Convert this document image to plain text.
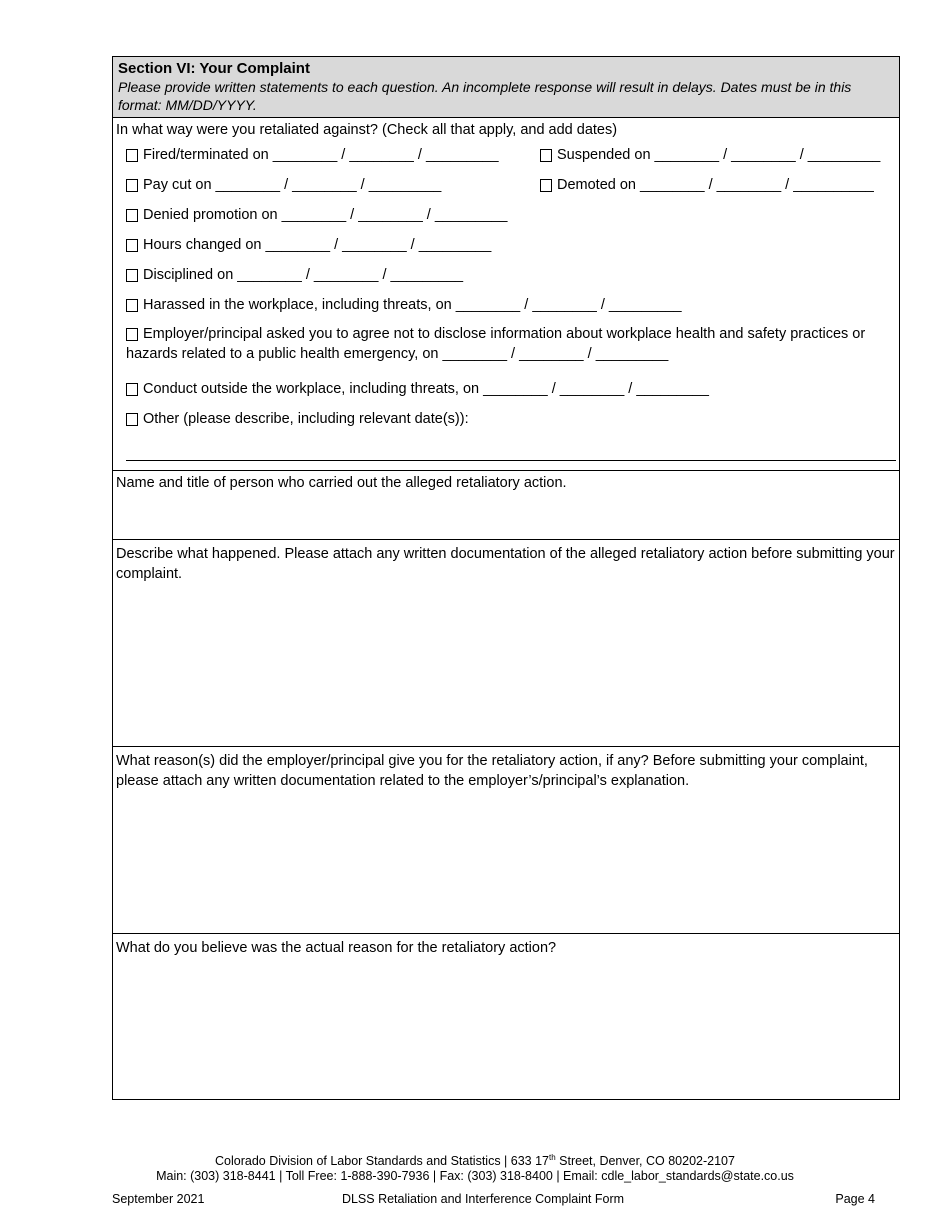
Section VI: Your Complaint
Please provide written statements to each question. An incomplete response will result in delays. Dates must be in this format: MM/DD/YYYY.
In what way were you retaliated against? (Check all that apply, and add dates)
Fired/terminated on ________ / ________ / _________	Suspended on ________ / ________ / _________
Pay cut on ________ / ________ / _________	Demoted on ________ / ________ / __________
Denied promotion on ________ / ________ / _________
Hours changed on ________ / ________ / _________
Disciplined on ________ / ________ / _________
Harassed in the workplace, including threats, on ________ / ________ / _________
Employer/principal asked you to agree not to disclose information about workplace health and safety practices or hazards related to a public health emergency, on ________ / ________ / _________
Conduct outside the workplace, including threats, on ________ / ________ / _________
Other (please describe, including relevant date(s)):
Name and title of person who carried out the alleged retaliatory action.
Describe what happened. Please attach any written documentation of the alleged retaliatory action before submitting your complaint.
What reason(s) did the employer/principal give you for the retaliatory action, if any? Before submitting your complaint, please attach any written documentation related to the employer’s/principal’s explanation.
What do you believe was the actual reason for the retaliatory action?
Colorado Division of Labor Standards and Statistics | 633 17th Street, Denver, CO 80202-2107
Main: (303) 318-8441 | Toll Free: 1-888-390-7936 | Fax: (303) 318-8400 | Email: cdle_labor_standards@state.co.us
September 2021	DLSS Retaliation and Interference Complaint Form	Page 4
